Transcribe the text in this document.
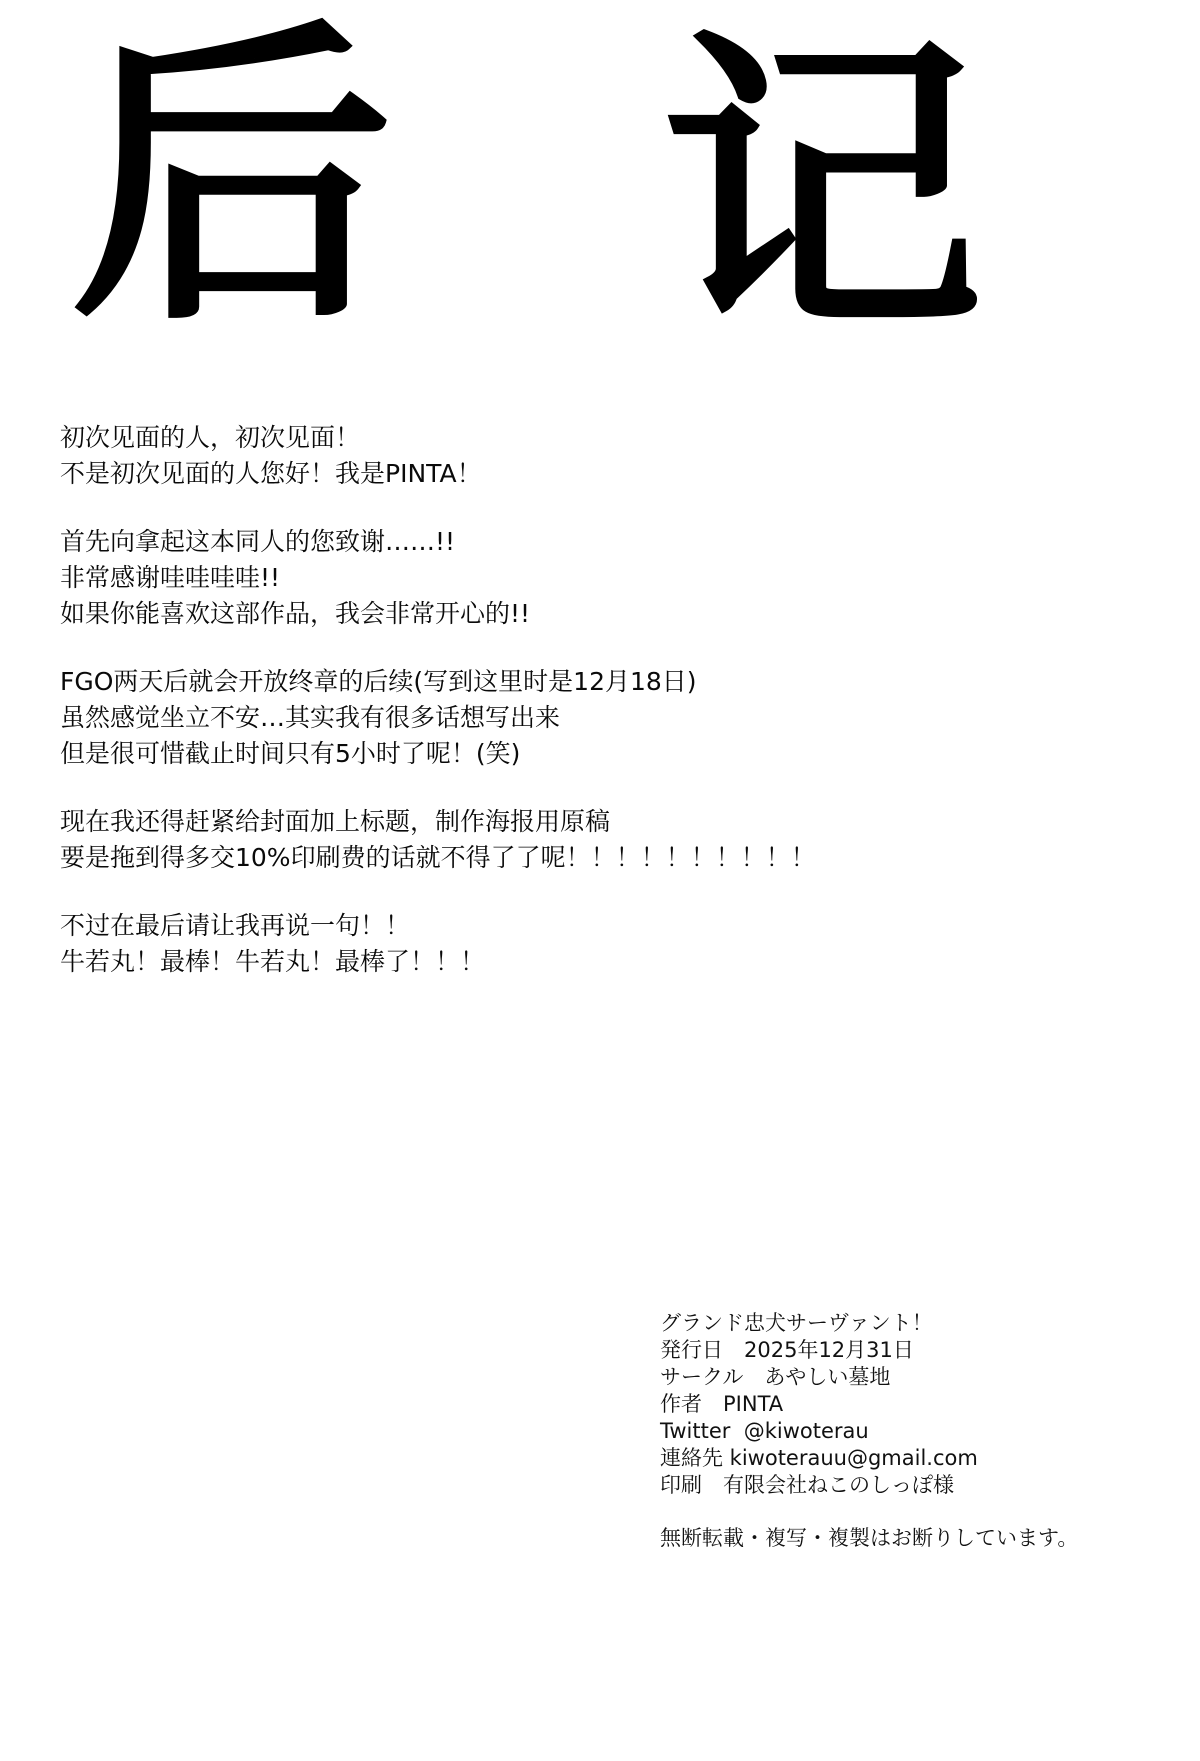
后 记

初次见面的人，初次见面！
不是初次见面的人您好！我是PINTA！

首先向拿起这本同人的您致谢……!!
非常感谢哇哇哇哇!!
如果你能喜欢这部作品，我会非常开心的!!

FGO两天后就会开放终章的后续(写到这里时是12月18日)
虽然感觉坐立不安…其实我有很多话想写出来
但是很可惜截止时间只有5小时了呢！(笑)

现在我还得赶紧给封面加上标题，制作海报用原稿
要是拖到得多交10%印刷费的话就不得了了呢！！！！！！！！！！

不过在最后请让我再说一句！！
牛若丸！最棒！牛若丸！最棒了！！！

グランド忠犬サーヴァント！
発行日　2025年12月31日
サークル　あやしい墓地
作者　PINTA
Twitter  @kiwoterau
連絡先 kiwoterauu@gmail.com
印刷　有限会社ねこのしっぽ様
無断転載・複写・複製はお断りしています。
